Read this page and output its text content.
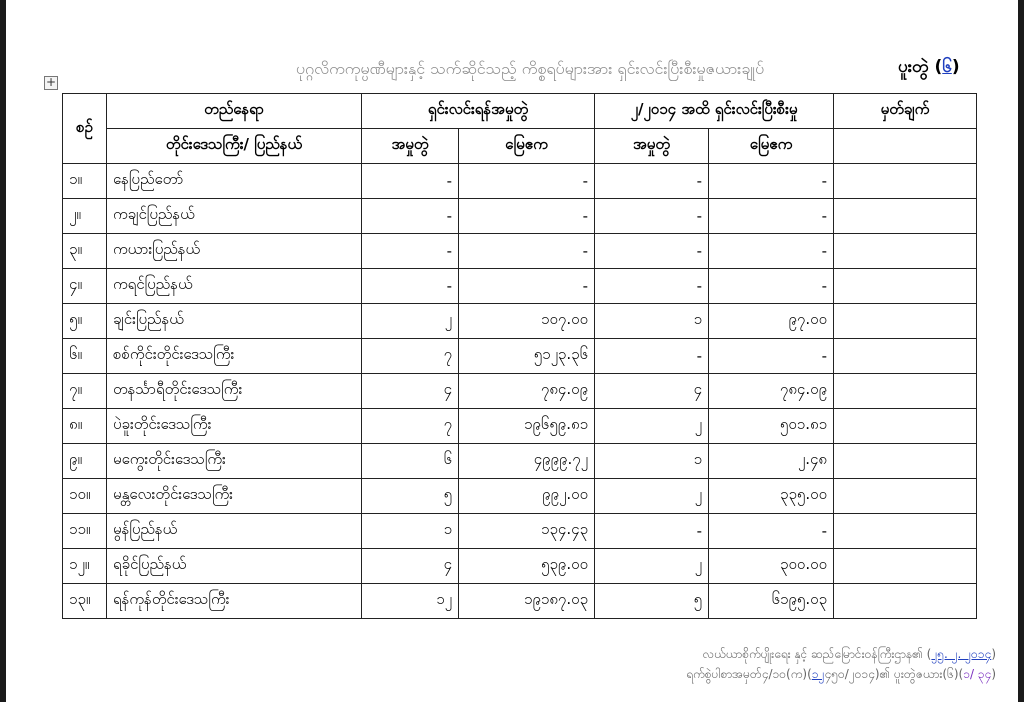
ပုဂ္ဂလိကကုမ္ပဏီများနှင့် သက်ဆိုင်သည့် ကိစ္စရပ်များအား ရှင်းလင်းပြီးစီးမှုဇယားချုပ်	ပူးတွဲ (၆)
+
စဉ်	တည်နေရာ	ရှင်းလင်းရန်အမှုတွဲ		၂/၂၀၁၄ အထိ ရှင်းလင်းပြီးစီးမှု		မှတ်ချက်
	တိုင်းဒေသကြီး/ ပြည်နယ်	အမှုတွဲ	မြေဧက	အမှုတွဲ	မြေဧက	
၁။	နေပြည်တော်	-	-	-	-	
၂။	ကချင်ပြည်နယ်	-	-	-	-	
၃။	ကယားပြည်နယ်	-	-	-	-	
၄။	ကရင်ပြည်နယ်	-	-	-	-	
၅။	ချင်းပြည်နယ်	၂	၁၀၇.၀၀	၁	၉၇.၀၀	
၆။	စစ်ကိုင်းတိုင်းဒေသကြီး	၇	၅၁၂၃.၃၆	-	-	
၇။	တနင်္သာရီတိုင်းဒေသကြီး	၄	၇၈၄.၀၉	၄	၇၈၄.၀၉	
၈။	ပဲခူးတိုင်းဒေသကြီး	၇	၁၉၆၅၉.၈၁	၂	၅၀၁.၈၁	
၉။	မကွေးတိုင်းဒေသကြီး	၆	၄၉၉၉.၇၂	၁	၂.၄၈	
၁၀။	မန္တလေးတိုင်းဒေသကြီး	၅	၉၉၂.၀၀	၂	၃၃၅.၀၀	
၁၁။	မွန်ပြည်နယ်	၁	၁၃၄.၄၃	-	-	
၁၂။	ရခိုင်ပြည်နယ်	၄	၅၃၉.၀၀	၂	၃၀၀.၀၀	
၁၃။	ရန်ကုန်တိုင်းဒေသကြီး	၁၂	၁၉၁၈၇.၀၃	၅	၆၁၉၅.၀၃	
လယ်ယာစိုက်ပျိုးရေး နှင့် ဆည်မြောင်းဝန်ကြီးဌာန၏ (၂၅. ၂. ၂၀၁၄)
ရက်စွဲပါစာအမှတ်၄/၁၀(က)(၁၂၄၅၀/၂၀၁၄)၏ ပူးတွဲဇယား(၆)(၁/ ၃၄)
